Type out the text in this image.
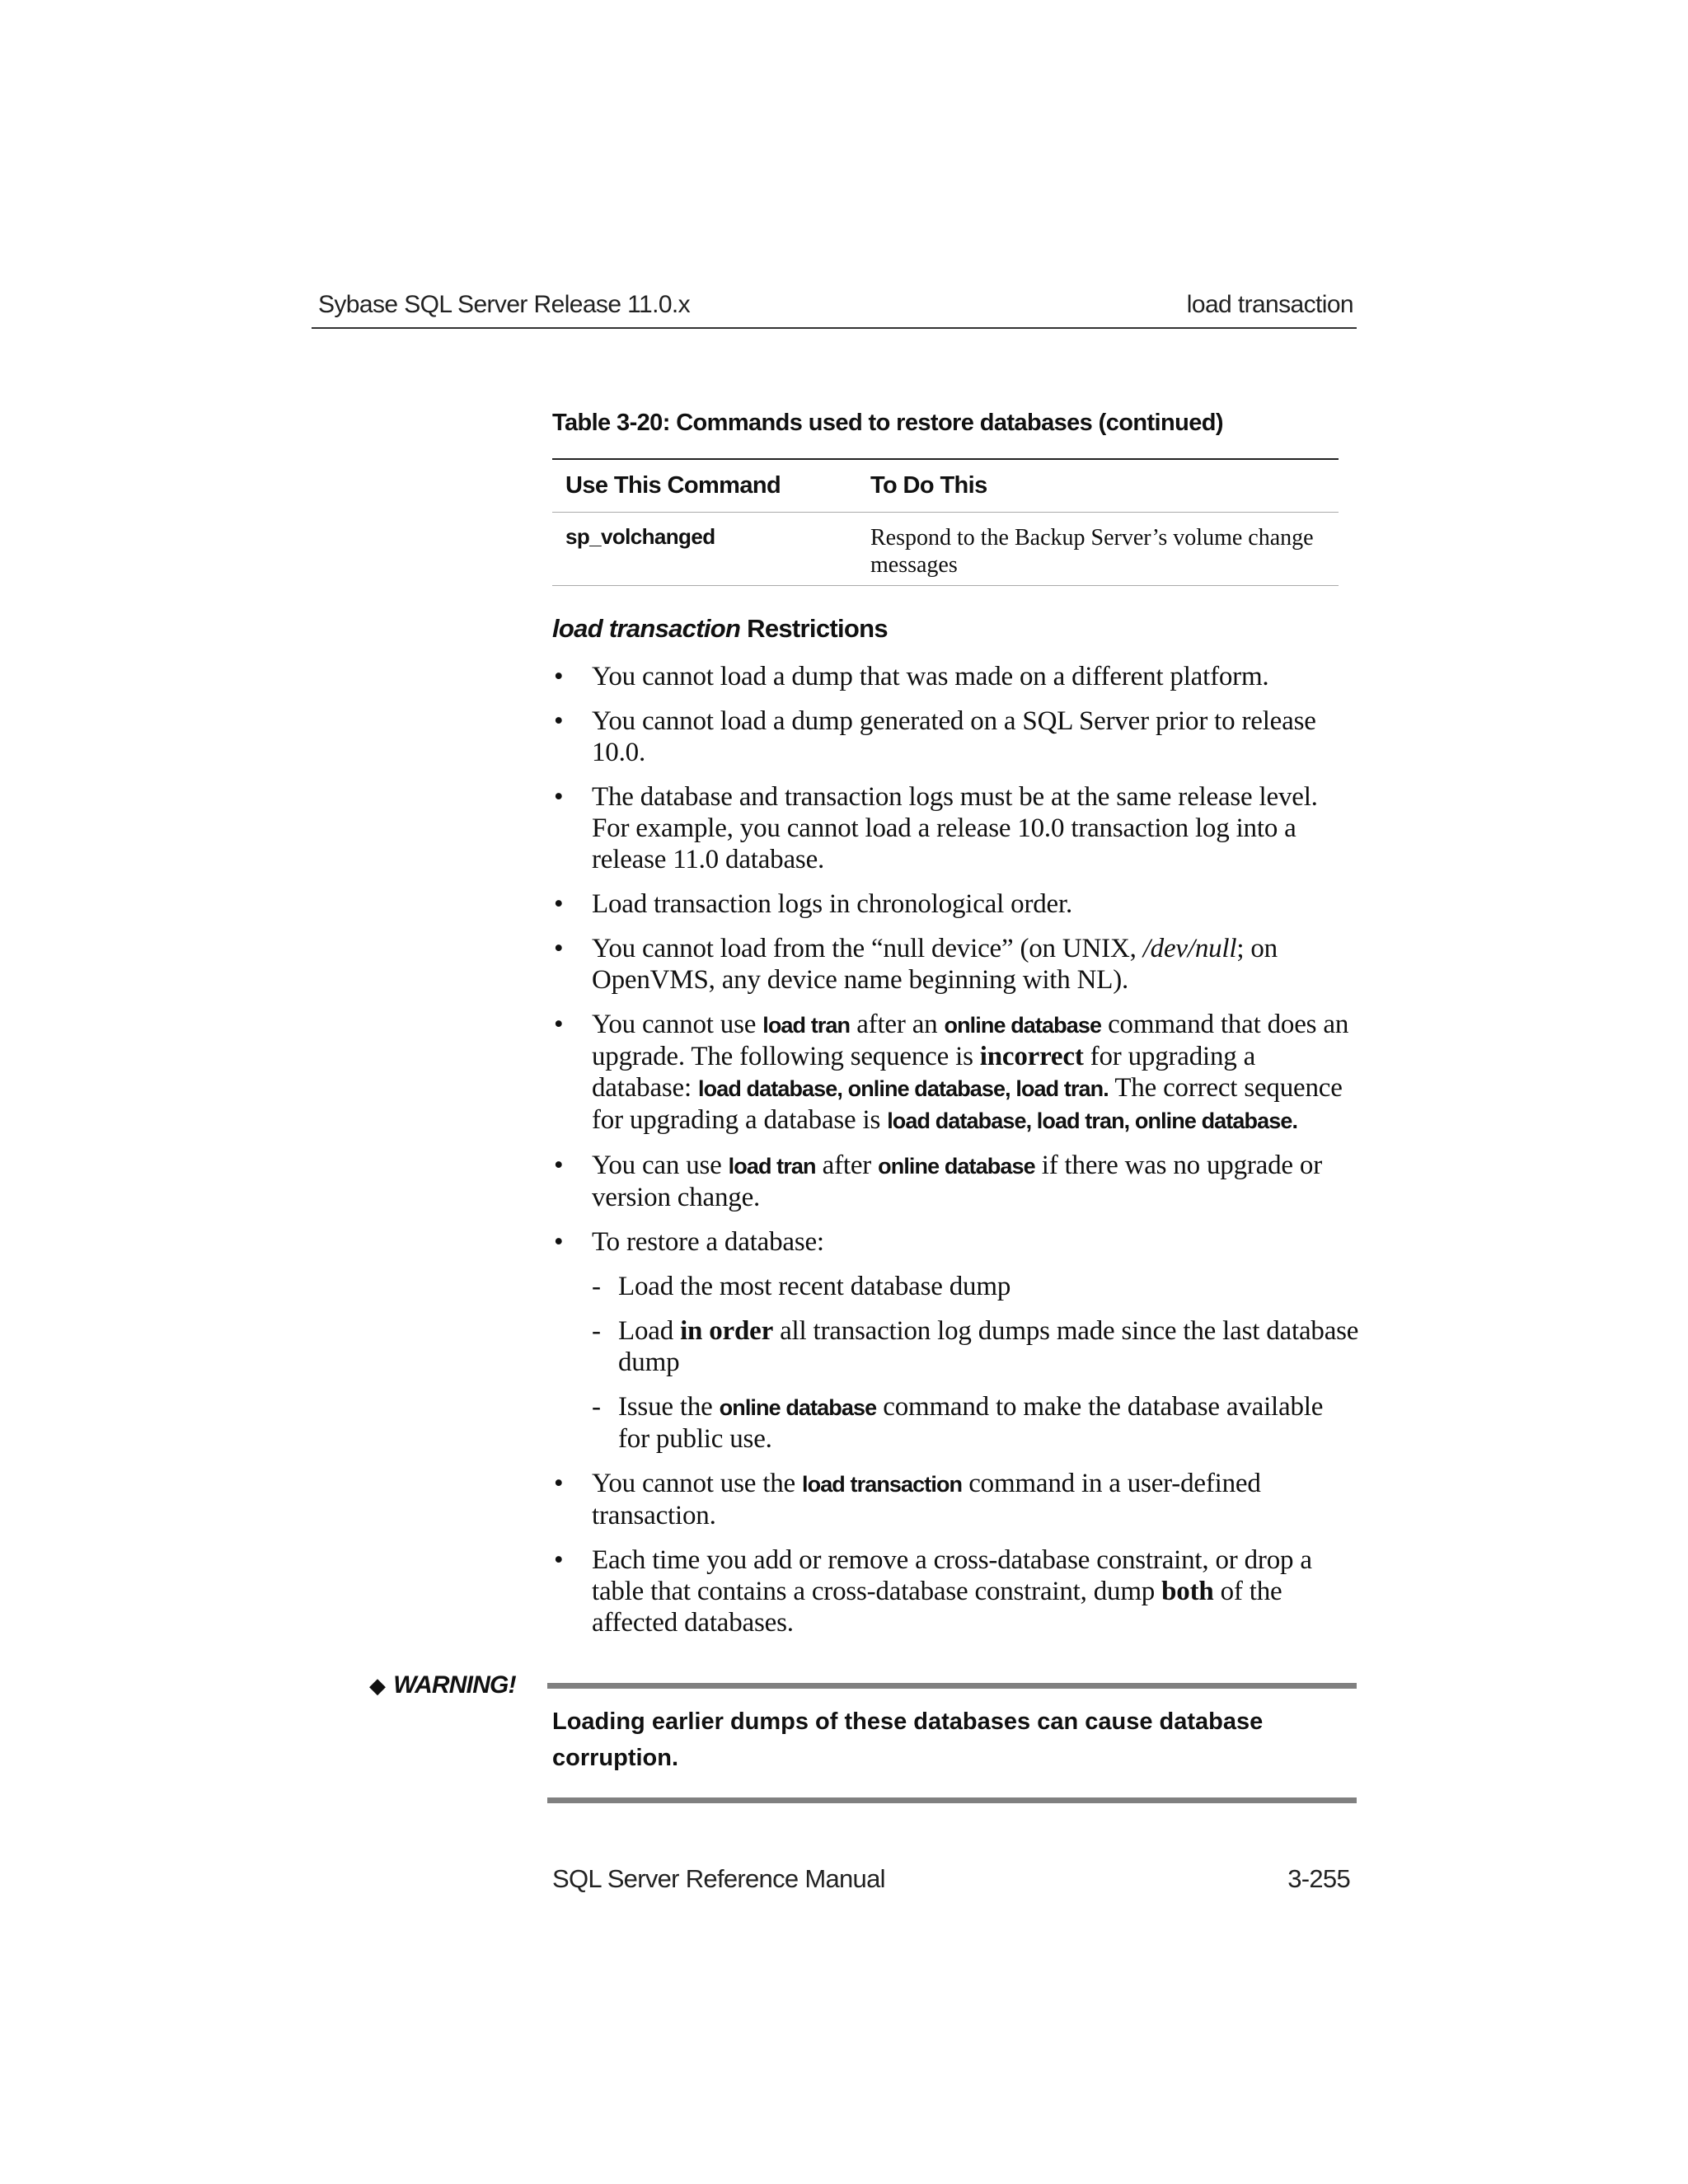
Sybase SQL Server Release 11.0.x	load transaction
Table 3-20: Commands used to restore databases (continued)
Use This Command	To Do This
sp_volchanged	Respond to the Backup Server’s volume change messages
load transaction Restrictions
• You cannot load a dump that was made on a different platform.
• You cannot load a dump generated on a SQL Server prior to release 10.0.
• The database and transaction logs must be at the same release level. For example, you cannot load a release 10.0 transaction log into a release 11.0 database.
• Load transaction logs in chronological order.
• You cannot load from the “null device” (on UNIX, /dev/null; on OpenVMS, any device name beginning with NL).
• You cannot use load tran after an online database command that does an upgrade. The following sequence is incorrect for upgrading a database: load database, online database, load tran. The correct sequence for upgrading a database is load database, load tran, online database.
• You can use load tran after online database if there was no upgrade or version change.
• To restore a database:
- Load the most recent database dump
- Load in order all transaction log dumps made since the last database dump
- Issue the online database command to make the database available for public use.
• You cannot use the load transaction command in a user-defined transaction.
• Each time you add or remove a cross-database constraint, or drop a table that contains a cross-database constraint, dump both of the affected databases.
◆ WARNING!
Loading earlier dumps of these databases can cause database corruption.
SQL Server Reference Manual	3-255
